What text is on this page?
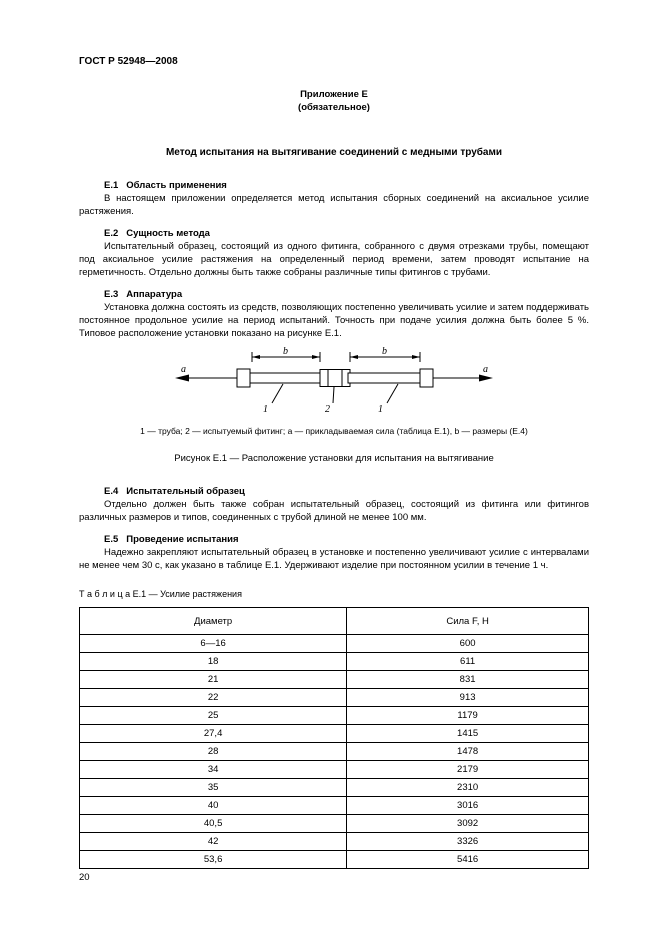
ГОСТ Р 52948—2008
Приложение Е
(обязательное)
Метод испытания на вытягивание соединений с медными трубами
Е.1 Область применения

В настоящем приложении определяется метод испытания сборных соединений на аксиальное усилие растяжения.

Е.2 Сущность метода

Испытательный образец, состоящий из одного фитинга, собранного с двумя отрезками трубы, помещают под аксиальное усилие растяжения на определенный период времени, затем проводят испытание на герметичность. Отдельно должны быть также собраны различные типы фитингов с трубами.

Е.3 Аппаратура

Установка должна состоять из средств, позволяющих постепенно увеличивать усилие и затем поддерживать постоянное продольное усилие на период испытаний. Точность при подаче усилия должна быть более 5 %. Типовое расположение установки показано на рисунке Е.1.

a	a
b	b
1	2	1
1 — труба; 2 — испытуемый фитинг; а — прикладываемая сила (таблица Е.1), b — размеры (Е.4)
Рисунок Е.1 — Расположение установки для испытания на вытягивание
Е.4 Испытательный образец

Отдельно должен быть также собран испытательный образец, состоящий из фитинга или фитингов различных размеров и типов, соединенных с трубой длиной не менее 100 мм.

Е.5 Проведение испытания

Надежно закрепляют испытательный образец в установке и постепенно увеличивают усилие с интервалами не менее чем 30 с, как указано в таблице Е.1. Удерживают изделие при постоянном усилии в течение 1 ч.

Т а б л и ц а Е.1 — Усилие растяжения
Диаметр	Сила F, Н
6—16	600
18	611
21	831
22	913
25	1179
27,4	1415
28	1478
34	2179
35	2310
40	3016
40,5	3092
42	3326
53,6	5416
20
